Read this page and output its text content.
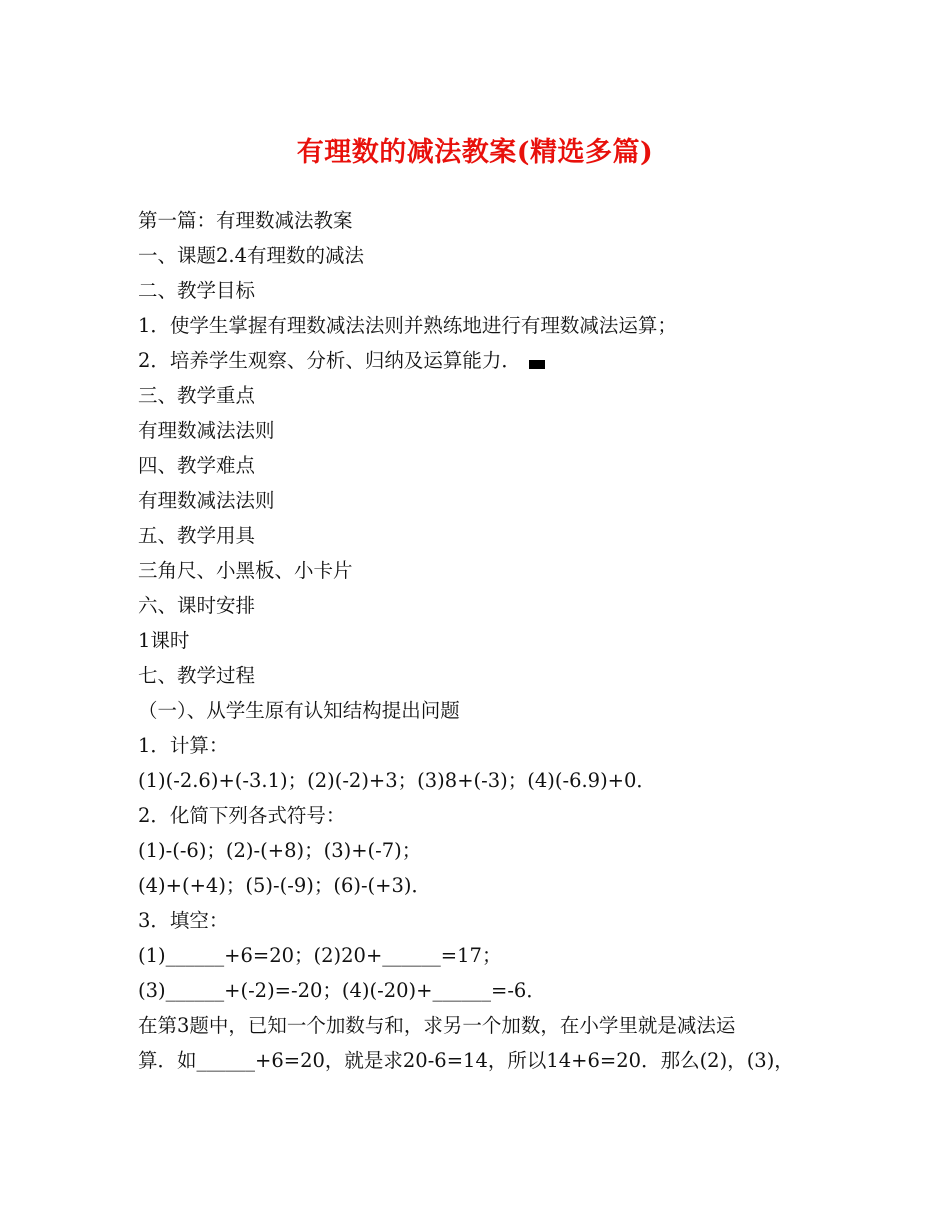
有理数的减法教案(精选多篇)
第一篇：有理数减法教案
一、课题2.4有理数的减法
二、教学目标
1．使学生掌握有理数减法法则并熟练地进行有理数减法运算；
2．培养学生观察、分析、归纳及运算能力．
三、教学重点
有理数减法法则
四、教学难点
有理数减法法则
五、教学用具
三角尺、小黑板、小卡片
六、课时安排
1课时
七、教学过程
（一）、从学生原有认知结构提出问题
1．计算：
(1)(-2.6)+(-3.1)；(2)(-2)+3；(3)8+(-3)；(4)(-6.9)+0．
2．化简下列各式符号：
(1)-(-6)；(2)-(+8)；(3)+(-7)；
(4)+(+4)；(5)-(-9)；(6)-(+3)．
3．填空：
(1)______+6=20；(2)20+______=17；
(3)______+(-2)=-20；(4)(-20)+______=-6．
在第3题中，已知一个加数与和，求另一个加数，在小学里就是减法运
算．如______+6=20，就是求20-6=14，所以14+6=20．那么(2)，(3)，
